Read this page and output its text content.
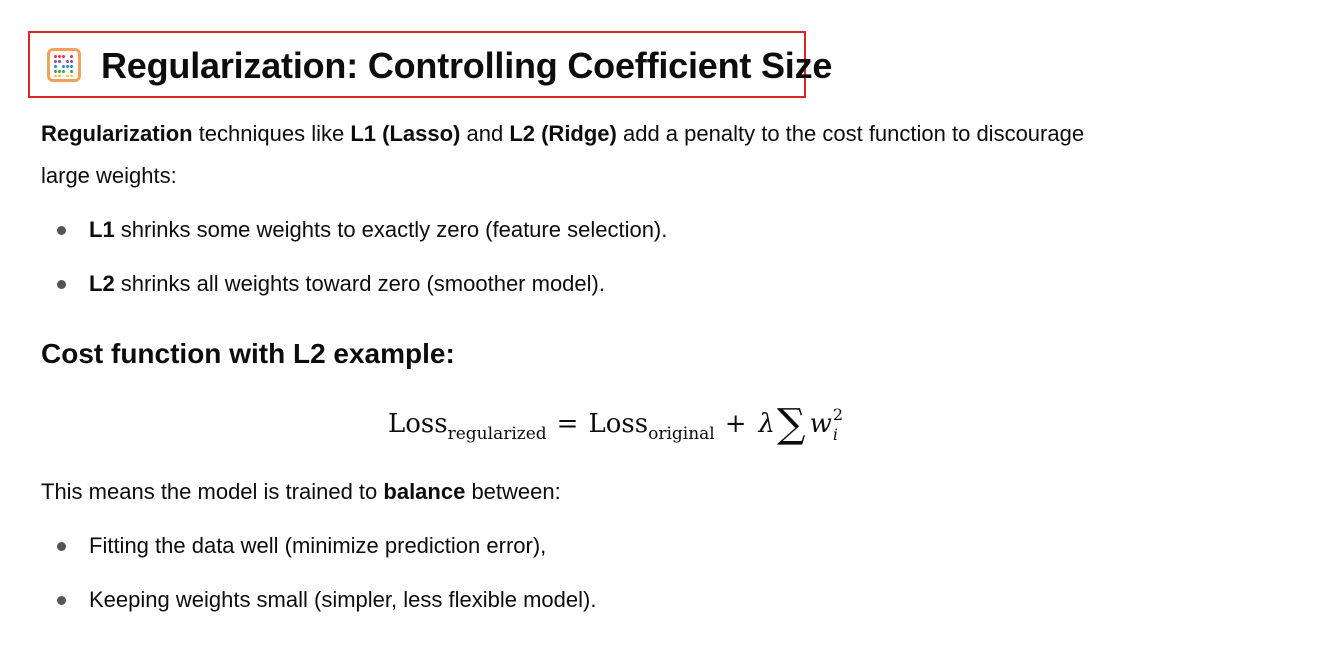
Regularization: Controlling Coefficient Size
Regularization techniques like L1 (Lasso) and L2 (Ridge) add a penalty to the cost function to discourage
large weights:
L1 shrinks some weights to exactly zero (feature selection).
L2 shrinks all weights toward zero (smoother model).
Cost function with L2 example:
Lossregularized = Lossoriginal + λ∑ w 2
i
This means the model is trained to balance between:
Fitting the data well (minimize prediction error),
Keeping weights small (simpler, less flexible model).
